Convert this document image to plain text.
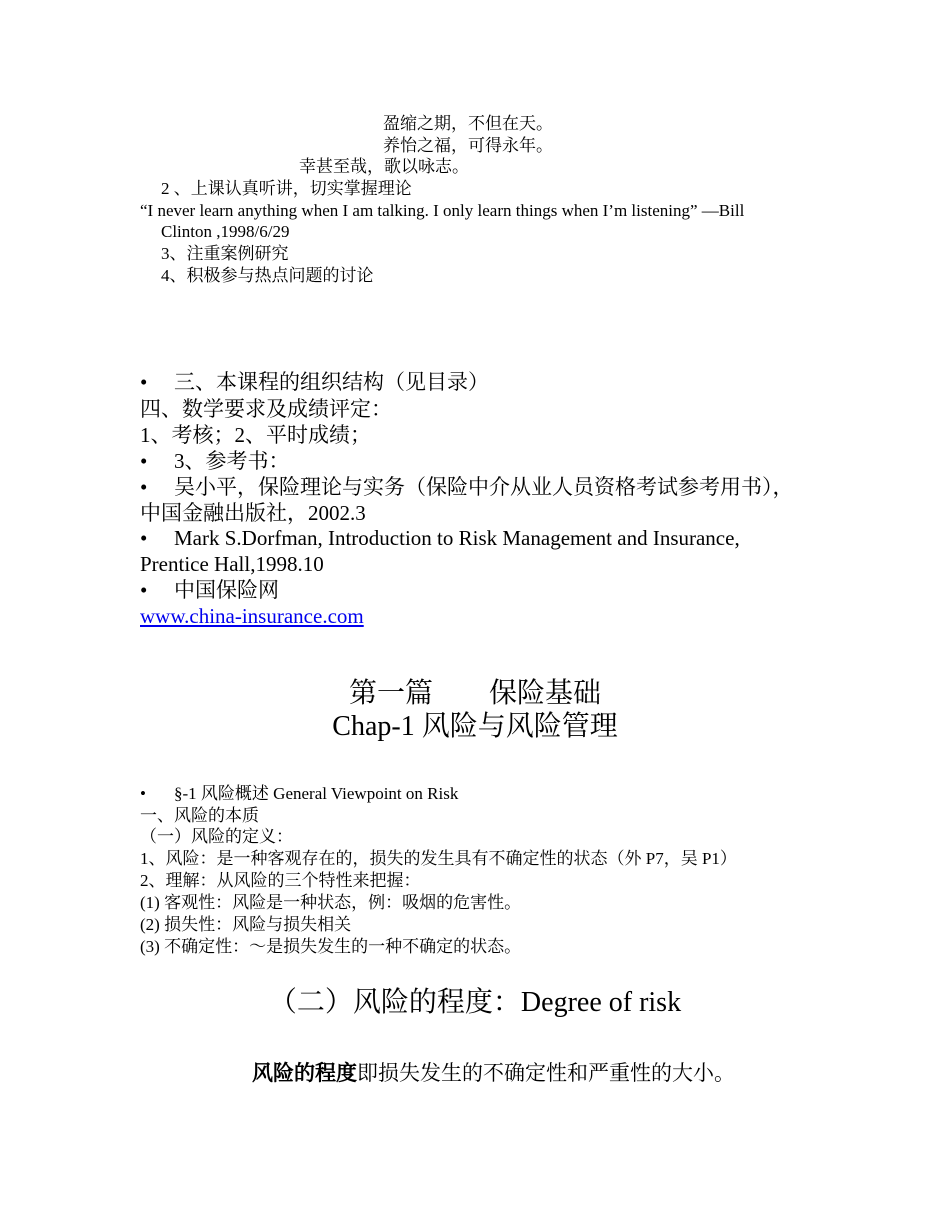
盈缩之期，不但在天。
养怡之福，可得永年。
幸甚至哉，歌以咏志。
2 、上课认真听讲，切实掌握理论
“I never learn anything when I am talking. I only learn things when I’m listening” —Bill
Clinton ,1998/6/29
3、注重案例研究
4、积极参与热点问题的讨论
• 三、本课程的组织结构（见目录）
四、数学要求及成绩评定：
1、考核；2、平时成绩；
• 3、参考书：
• 吴小平，保险理论与实务（保险中介从业人员资格考试参考用书），
中国金融出版社，2002.3
• Mark S.Dorfman, Introduction to Risk Management and Insurance,
Prentice Hall,1998.10
• 中国保险网
www.china-insurance.com
第一篇　　保险基础
Chap-1 风险与风险管理
• §-1 风险概述 General Viewpoint on Risk
一、风险的本质
（一）风险的定义：
1、风险：是一种客观存在的，损失的发生具有不确定性的状态（外 P7，吴 P1）
2、理解：从风险的三个特性来把握：
(1) 客观性：风险是一种状态，例：吸烟的危害性。
(2) 损失性：风险与损失相关
(3) 不确定性：～是损失发生的一种不确定的状态。
（二）风险的程度：Degree of risk
风险的程度即损失发生的不确定性和严重性的大小。
